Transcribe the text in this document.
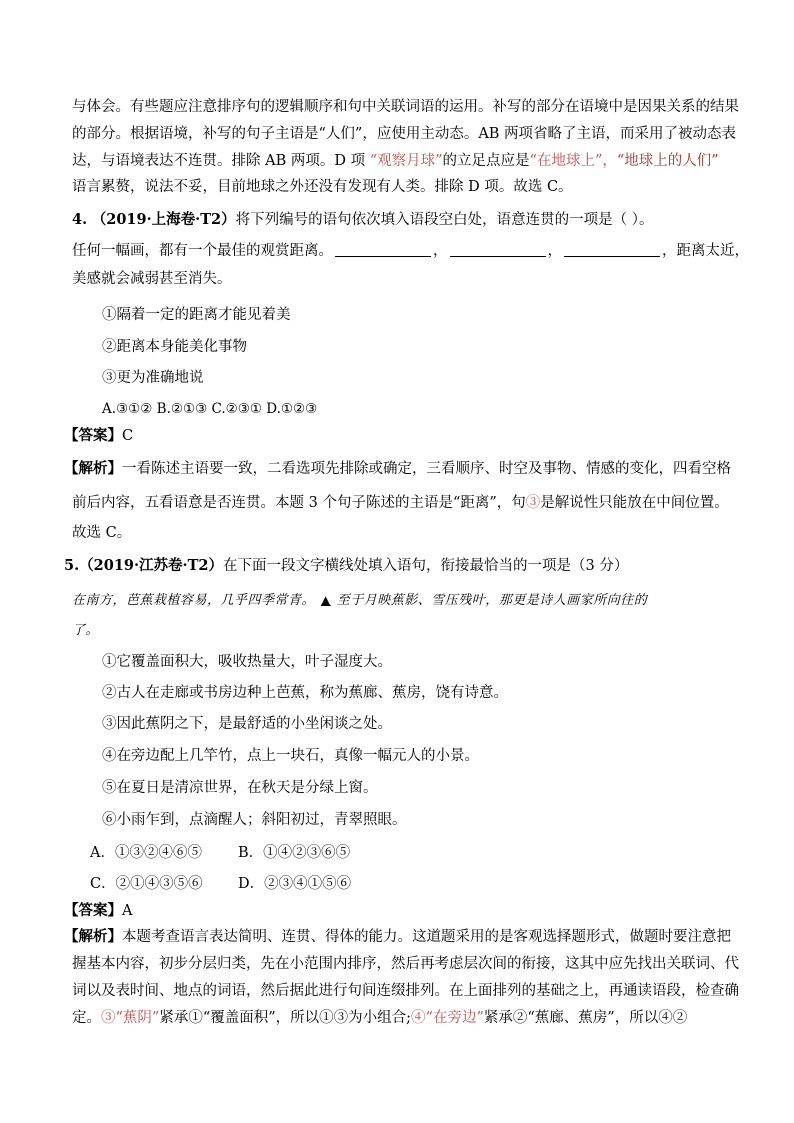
与体会。有些题应注意排序句的逻辑顺序和句中关联词语的运用。补写的部分在语境中是因果关系的结果
的部分。根据语境，补写的句子主语是“人们”，应使用主动态。AB 两项省略了主语，而采用了被动态表
达，与语境表达不连贯。排除 AB 两项。D 项 “观察月球”的立足点应是“在地球上”，“地球上的人们”
语言累赘，说法不妥，目前地球之外还没有发现有人类。排除 D 项。故选 C。
4. （2019·上海卷·T2）将下列编号的语句依次填入语段空白处，语意连贯的一项是（ ）。
任何一幅画，都有一个最佳的观赏距离。	，	，	，距离太近，
美感就会减弱甚至消失。
①隔着一定的距离才能见着美
②距离本身能美化事物
③更为准确地说
A.③①② B.②①③ C.②③① D.①②③
【答案】C
【解析】一看陈述主语要一致，二看选项先排除或确定，三看顺序、时空及事物、情感的变化，四看空格
前后内容，五看语意是否连贯。本题 3 个句子陈述的主语是“距离”，句③是解说性只能放在中间位置。
故选 C。
5.（2019·江苏卷·T2）在下面一段文字横线处填入语句，衔接最恰当的一项是（3 分）
在南方，芭蕉栽植容易，几乎四季常青。 ▲ 至于月映蕉影、雪压残叶，那更是诗人画家所向往的
了。
①它覆盖面积大，吸收热量大，叶子湿度大。
②古人在走廊或书房边种上芭蕉，称为蕉廊、蕉房，饶有诗意。
③因此蕉阴之下，是最舒适的小坐闲谈之处。
④在旁边配上几竿竹，点上一块石，真像一幅元人的小景。
⑤在夏日是清凉世界，在秋天是分绿上窗。
⑥小雨乍到，点滴醒人；斜阳初过，青翠照眼。
A．①③②④⑥⑤ B．①④②③⑥⑤
C．②①④③⑤⑥ D．②③④①⑤⑥
【答案】A
【解析】本题考查语言表达简明、连贯、得体的能力。这道题采用的是客观选择题形式，做题时要注意把
握基本内容，初步分层归类，先在小范围内排序，然后再考虑层次间的衔接，这其中应先找出关联词、代
词以及表时间、地点的词语，然后据此进行句间连缀排列。在上面排列的基础之上，再通读语段，检查确
定。③“蕉阴”紧承①“覆盖面积”，所以①③为小组合;④“在旁边”紧承②“蕉廊、蕉房”，所以④②
